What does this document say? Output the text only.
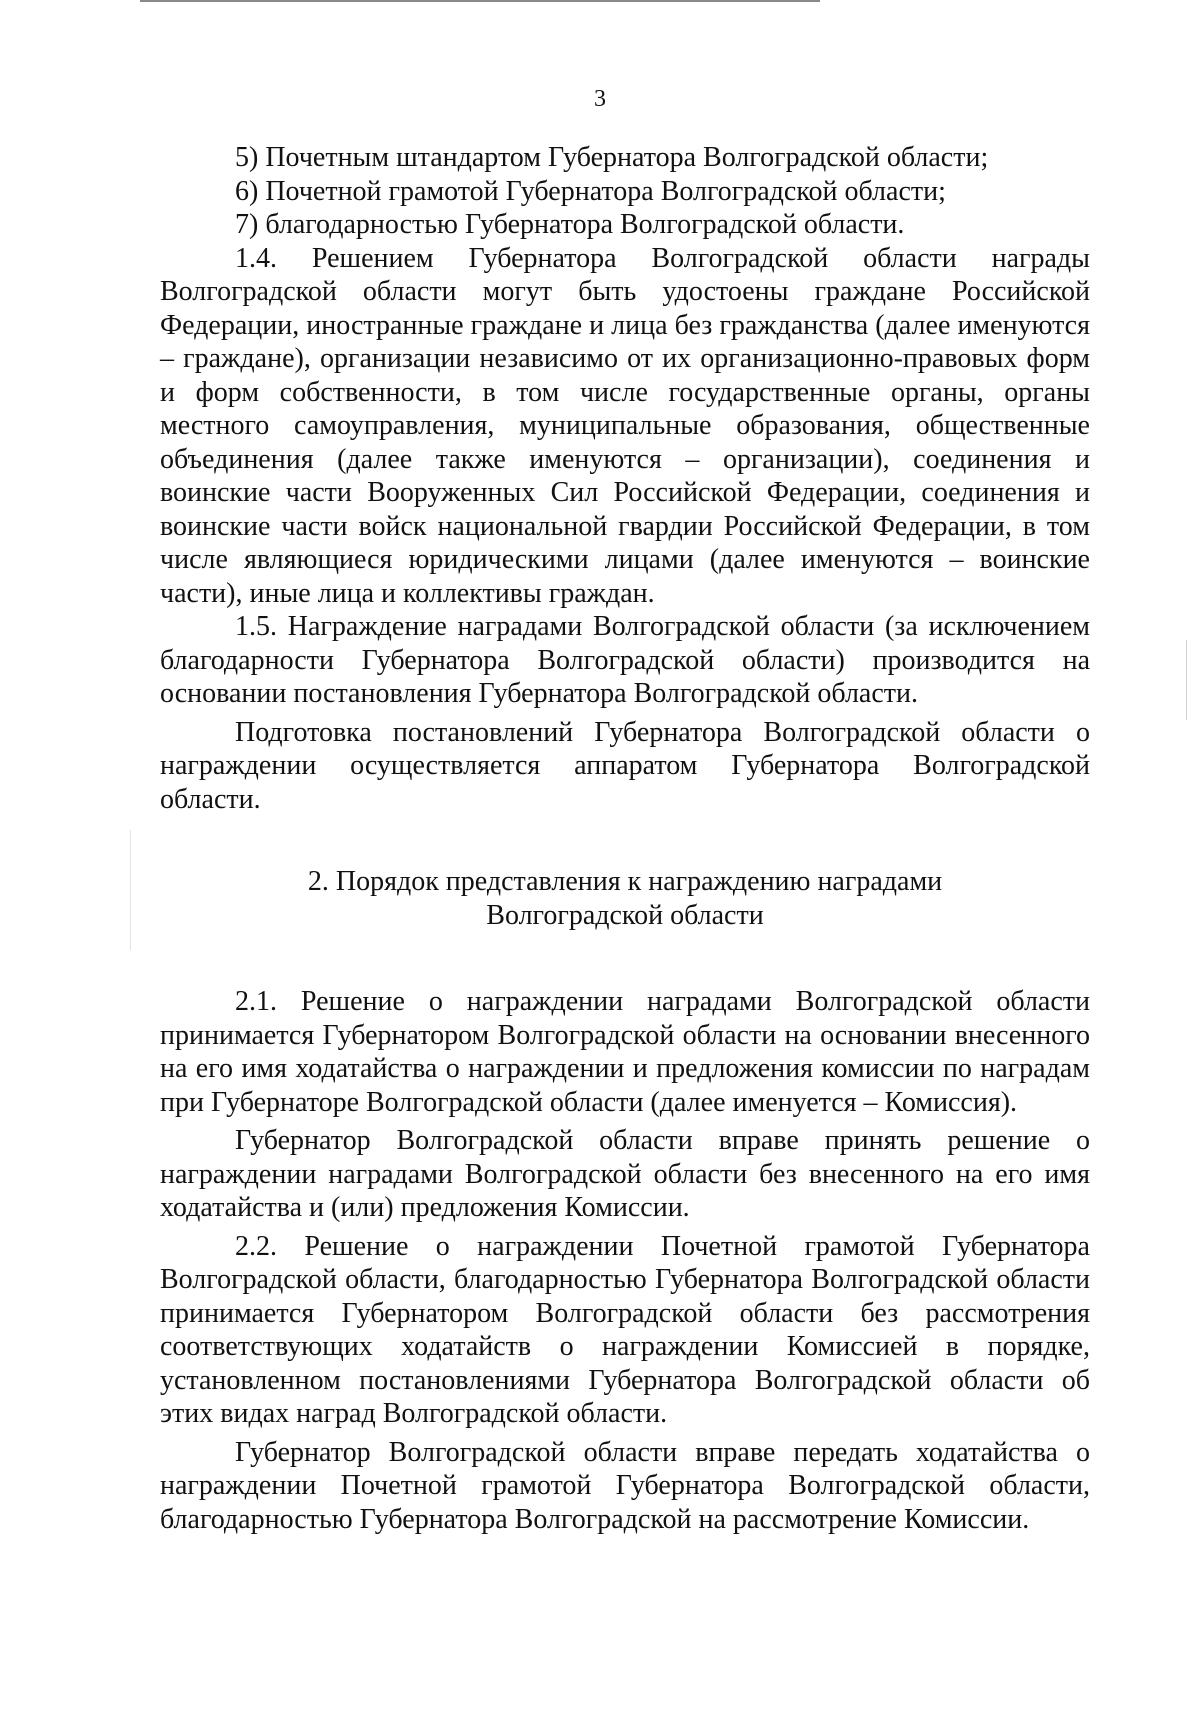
3

5) Почетным штандартом Губернатора Волгоградской области;

6) Почетной грамотой Губернатора Волгоградской области;

7) благодарностью Губернатора Волгоградской области.

1.4. Решением Губернатора Волгоградской области награды Волгоградской области могут быть удостоены граждане Российской Федерации, иностранные граждане и лица без гражданства (далее именуются – граждане), организации независимо от их организационно-правовых форм и форм собственности, в том числе государственные органы, органы местного самоуправления, муниципальные образования, общественные объединения (далее также именуются – организации), соединения и воинские части Вооруженных Сил Российской Федерации, соединения и воинские части войск национальной гвардии Российской Федерации, в том числе являющиеся юридическими лицами (далее именуются – воинские части), иные лица и коллективы граждан.

1.5. Награждение наградами Волгоградской области (за исключением благодарности Губернатора Волгоградской области) производится на основании постановления Губернатора Волгоградской области.

Подготовка постановлений Губернатора Волгоградской области о награждении осуществляется аппаратом Губернатора Волгоградской области.

2. Порядок представления к награждению наградами
Волгоградской области

2.1. Решение о награждении наградами Волгоградской области принимается Губернатором Волгоградской области на основании внесенного на его имя ходатайства о награждении и предложения комиссии по наградам при Губернаторе Волгоградской области (далее именуется – Комиссия).

Губернатор Волгоградской области вправе принять решение о награждении наградами Волгоградской области без внесенного на его имя ходатайства и (или) предложения Комиссии.

2.2. Решение о награждении Почетной грамотой Губернатора Волгоградской области, благодарностью Губернатора Волгоградской области принимается Губернатором Волгоградской области без рассмотрения соответствующих ходатайств о награждении Комиссией в порядке, установленном постановлениями Губернатора Волгоградской области об этих видах наград Волгоградской области.

Губернатор Волгоградской области вправе передать ходатайства о награждении Почетной грамотой Губернатора Волгоградской области, благодарностью Губернатора Волгоградской на рассмотрение Комиссии.
